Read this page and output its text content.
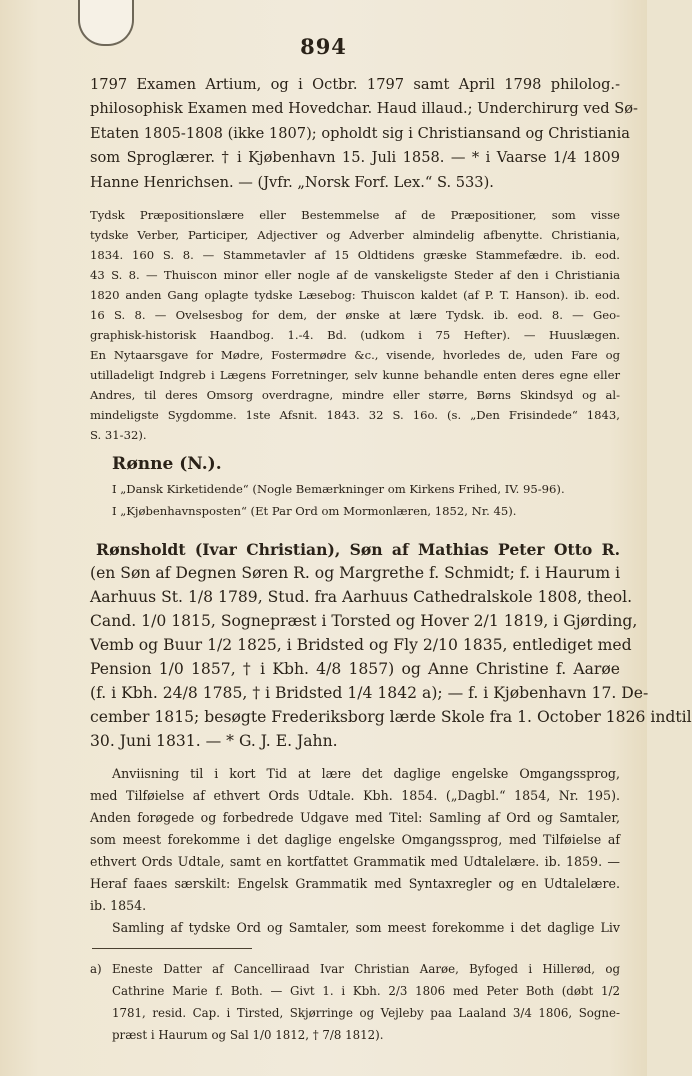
894
1797 Examen Artium, og i Octbr. 1797 samt April 1798 philolog.-
philosophisk Examen med Hovedchar. Haud illaud.; Underchirurg ved Sø-
Etaten 1805-1808 (ikke 1807); opholdt sig i Christiansand og Christiania
som Sproglærer. † i Kjøbenhavn 15. Juli 1858. — * i Vaarse 1/4 1809
Hanne Henrichsen. — (Jvfr. „Norsk Forf. Lex.“ S. 533).
Tydsk Præpositionslære eller Bestemmelse af de Præpositioner, som visse
tydske Verber, Participer, Adjectiver og Adverber almindelig afbenytte. Christiania,
1834. 160 S. 8. — Stammetavler af 15 Oldtidens græske Stammefædre. ib. eod.
43 S. 8. — Thuiscon minor eller nogle af de vanskeligste Steder af den i Christiania
1820 anden Gang oplagte tydske Læsebog: Thuiscon kaldet (af P. T. Hanson). ib. eod.
16 S. 8. — Ovelsesbog for dem, der ønske at lære Tydsk. ib. eod. 8. — Geo-
graphisk-historisk Haandbog. 1.-4. Bd. (udkom i 75 Hefter). — Huuslægen.
En Nytaarsgave for Mødre, Fostermødre &c., visende, hvorledes de, uden Fare og
utilladeligt Indgreb i Lægens Forretninger, selv kunne behandle enten deres egne eller
Andres, til deres Omsorg overdragne, mindre eller større, Børns Skindsyd og al-
mindeligste Sygdomme. 1ste Afsnit. 1843. 32 S. 16o. (s. „Den Frisindede“ 1843,
S. 31-32).
Rønne (N.).
I „Dansk Kirketidende“ (Nogle Bemærkninger om Kirkens Frihed, IV. 95-96).
I „Kjøbenhavnsposten“ (Et Par Ord om Mormonlæren, 1852, Nr. 45).
Rønsholdt (Ivar Christian), Søn af Mathias Peter Otto R.
(en Søn af Degnen Søren R. og Margrethe f. Schmidt; f. i Haurum i
Aarhuus St. 1/8 1789, Stud. fra Aarhuus Cathedralskole 1808, theol.
Cand. 1/0 1815, Sognepræst i Torsted og Hover 2/1 1819, i Gjørding,
Vemb og Buur 1/2 1825, i Bridsted og Fly 2/10 1835, entlediget med
Pension 1/0 1857, † i Kbh. 4/8 1857) og Anne Christine f. Aarøe
(f. i Kbh. 24/8 1785, † i Bridsted 1/4 1842 a); — f. i Kjøbenhavn 17. De-
cember 1815; besøgte Frederiksborg lærde Skole fra 1. October 1826 indtil
30. Juni 1831. — * G. J. E. Jahn.
Anviisning til i kort Tid at lære det daglige engelske Omgangssprog,
med Tilføielse af ethvert Ords Udtale. Kbh. 1854. („Dagbl.“ 1854, Nr. 195).
Anden forøgede og forbedrede Udgave med Titel: Samling af Ord og Samtaler,
som meest forekomme i det daglige engelske Omgangssprog, med Tilføielse af
ethvert Ords Udtale, samt en kortfattet Grammatik med Udtalelære. ib. 1859. —
Heraf faaes særskilt: Engelsk Grammatik med Syntaxregler og en Udtalelære.
ib. 1854.
Samling af tydske Ord og Samtaler, som meest forekomme i det daglige Liv
a) Eneste Datter af Cancelliraad Ivar Christian Aarøe, Byfoged i Hillerød, og
Cathrine Marie f. Both. — Givt 1. i Kbh. 2/3 1806 med Peter Both (døbt 1/2
1781, resid. Cap. i Tirsted, Skjørringe og Vejleby paa Laaland 3/4 1806, Sogne-
præst i Haurum og Sal 1/0 1812, † 7/8 1812).
